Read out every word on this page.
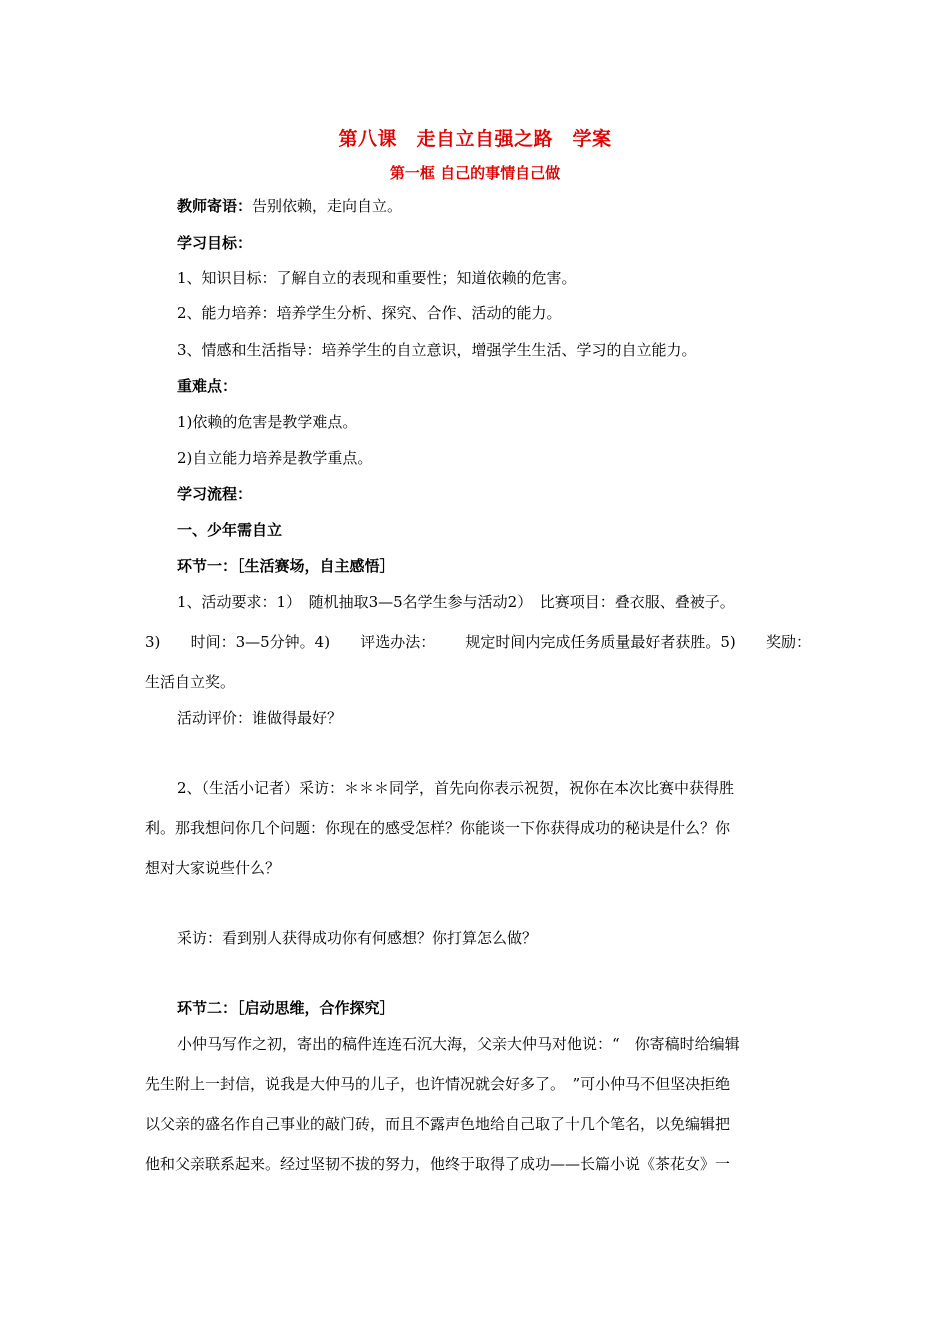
第八课　走自立自强之路　学案
第一框 自己的事情自己做
教师寄语：告别依赖，走向自立。
学习目标：
1、知识目标：了解自立的表现和重要性；知道依赖的危害。
2、能力培养：培养学生分析、探究、合作、活动的能力。
3、情感和生活指导：培养学生的自立意识，增强学生生活、学习的自立能力。
重难点：
1)依赖的危害是教学难点。
2)自立能力培养是教学重点。
学习流程：
一、少年需自立
环节一：［生活赛场，自主感悟］
1、活动要求：1）　随机抽取3—5名学生参与活动2）　比赛项目：叠衣服、叠被子。
3) 时间：3—5分钟。4) 评选办法： 规定时间内完成任务质量最好者获胜。5) 奖励：
生活自立奖。
活动评价：谁做得最好？
2、（生活小记者）采访：＊＊＊同学，首先向你表示祝贺，祝你在本次比赛中获得胜
利。那我想问你几个问题：你现在的感受怎样？你能谈一下你获得成功的秘诀是什么？你
想对大家说些什么？
采访：看到别人获得成功你有何感想？你打算怎么做？
环节二：［启动思维，合作探究］
小仲马写作之初，寄出的稿件连连石沉大海，父亲大仲马对他说：“　你寄稿时给编辑
先生附上一封信，说我是大仲马的儿子，也许情况就会好多了。　”可小仲马不但坚决拒绝
以父亲的盛名作自己事业的敲门砖，而且不露声色地给自己取了十几个笔名，以免编辑把
他和父亲联系起来。经过坚韧不拔的努力，他终于取得了成功——长篇小说《茶花女》一
